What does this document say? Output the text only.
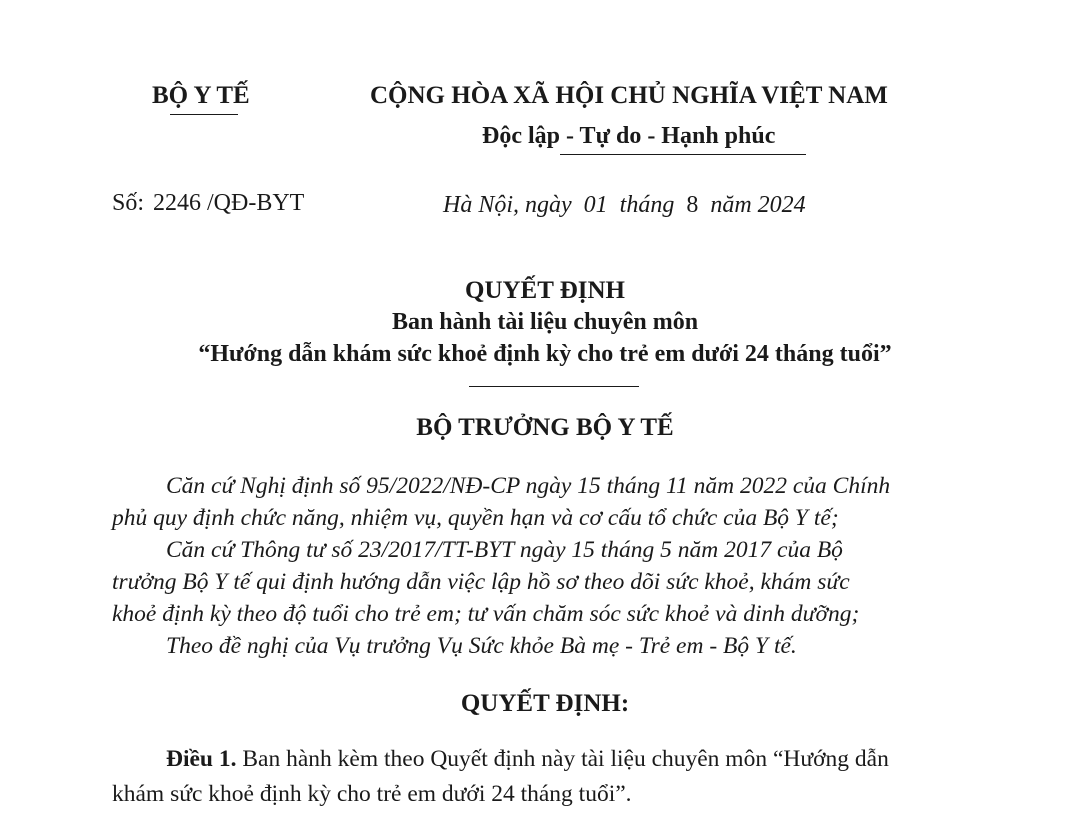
BỘ Y TẾ	CỘNG HÒA XÃ HỘI CHỦ NGHĨA VIỆT NAM
Độc lập - Tự do - Hạnh phúc
Số: 2246 /QĐ-BYT	Hà Nội, ngày 01 tháng 8 năm 2024
QUYẾT ĐỊNH
Ban hành tài liệu chuyên môn
“Hướng dẫn khám sức khoẻ định kỳ cho trẻ em dưới 24 tháng tuổi”
BỘ TRƯỞNG BỘ Y TẾ
Căn cứ Nghị định số 95/2022/NĐ-CP ngày 15 tháng 11 năm 2022 của Chính
phủ quy định chức năng, nhiệm vụ, quyền hạn và cơ cấu tổ chức của Bộ Y tế;
Căn cứ Thông tư số 23/2017/TT-BYT ngày 15 tháng 5 năm 2017 của Bộ
trưởng Bộ Y tế qui định hướng dẫn việc lập hồ sơ theo dõi sức khoẻ, khám sức
khoẻ định kỳ theo độ tuổi cho trẻ em; tư vấn chăm sóc sức khoẻ và dinh dưỡng;
Theo đề nghị của Vụ trưởng Vụ Sức khỏe Bà mẹ - Trẻ em - Bộ Y tế.
QUYẾT ĐỊNH:
Điều 1. Ban hành kèm theo Quyết định này tài liệu chuyên môn “Hướng dẫn
khám sức khoẻ định kỳ cho trẻ em dưới 24 tháng tuổi”.
